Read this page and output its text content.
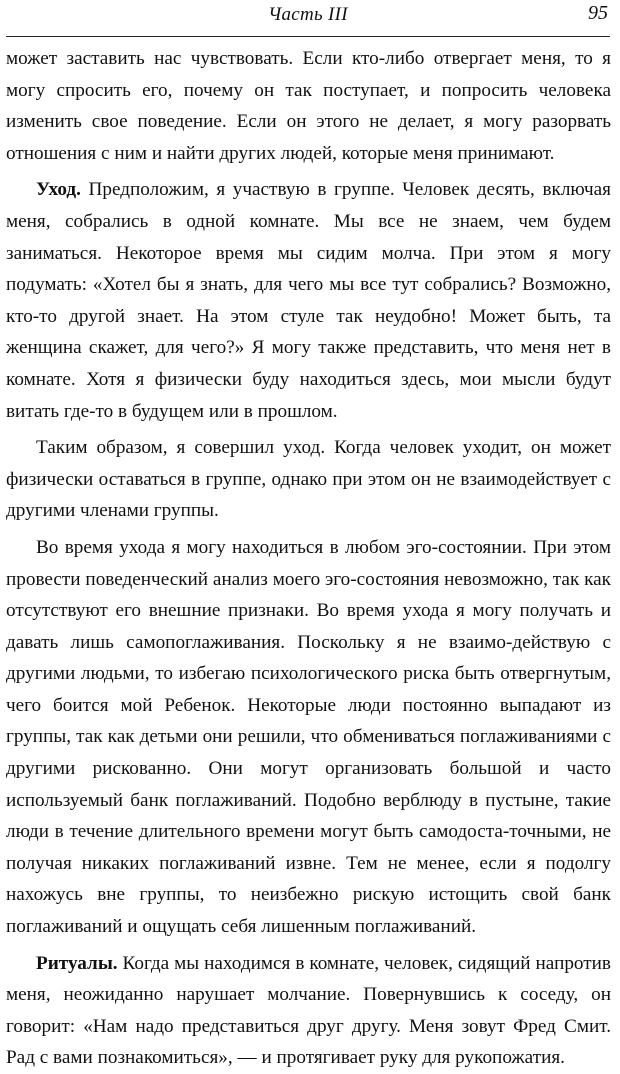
Часть III	95

может заставить нас чувствовать. Если кто-либо отвергает меня, то я могу спросить его, почему он так поступает, и попросить человека изменить свое поведение. Если он этого не делает, я могу разорвать отношения с ним и найти других людей, которые меня принимают.

Уход. Предположим, я участвую в группе. Человек десять, включая меня, собрались в одной комнате. Мы все не знаем, чем будем заниматься. Некоторое время мы сидим молча. При этом я могу подумать: «Хотел бы я знать, для чего мы все тут собрались? Возможно, кто-то другой знает. На этом стуле так неудобно! Может быть, та женщина скажет, для чего?» Я могу также представить, что меня нет в комнате. Хотя я физически буду находиться здесь, мои мысли будут витать где-то в будущем или в прошлом.

Таким образом, я совершил уход. Когда человек уходит, он может физически оставаться в группе, однако при этом он не взаимодействует с другими членами группы.

Во время ухода я могу находиться в любом эго-состоянии. При этом провести поведенческий анализ моего эго-состояния невозможно, так как отсутствуют его внешние признаки. Во время ухода я могу получать и давать лишь самопоглаживания. Поскольку я не взаимо-действую с другими людьми, то избегаю психологического риска быть отвергнутым, чего боится мой Ребенок. Некоторые люди постоянно выпадают из группы, так как детьми они решили, что обмениваться поглаживаниями с другими рискованно. Они могут организовать большой и часто используемый банк поглаживаний. Подобно верблюду в пустыне, такие люди в течение длительного времени могут быть самодоста-точными, не получая никаких поглаживаний извне. Тем не менее, если я подолгу нахожусь вне группы, то неизбежно рискую истощить свой банк поглаживаний и ощущать себя лишенным поглаживаний.

Ритуалы. Когда мы находимся в комнате, человек, сидящий напротив меня, неожиданно нарушает молчание. Повернувшись к соседу, он говорит: «Нам надо представиться друг другу. Меня зовут Фред Смит. Рад с вами познакомиться», — и протягивает руку для рукопожатия.
